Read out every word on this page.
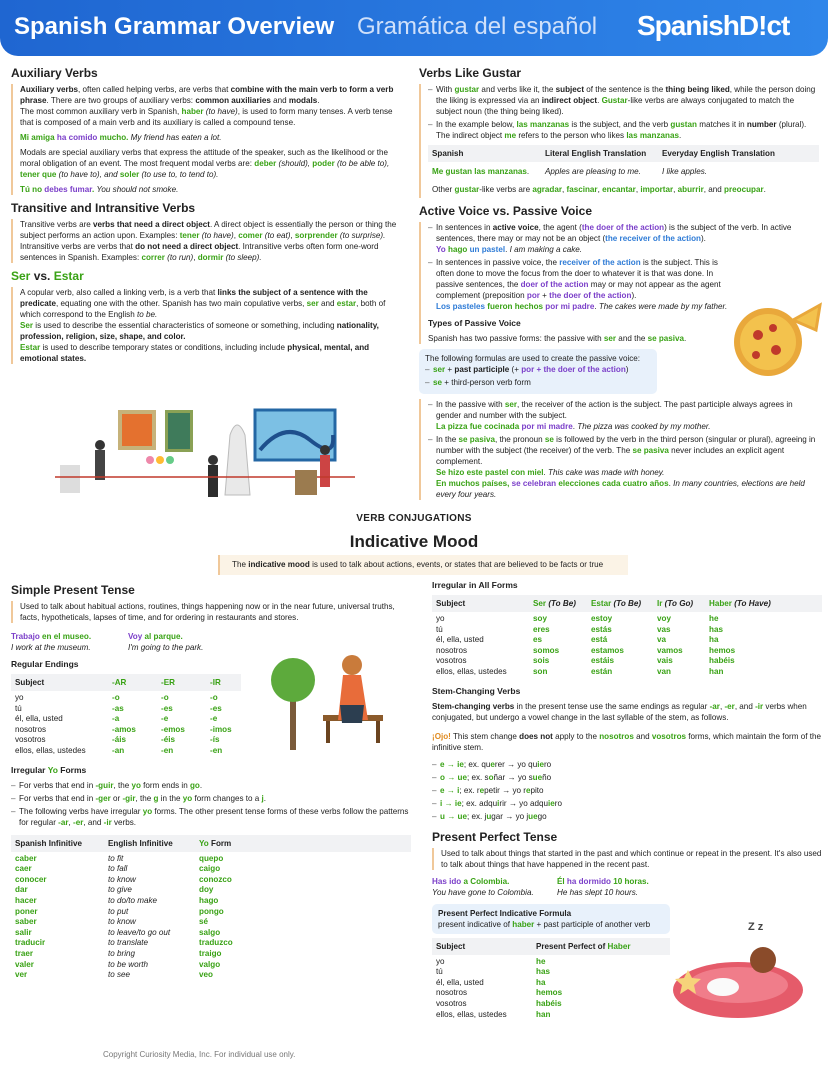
Spanish Grammar Overview Gramática del español SpanishD!ct
Auxiliary Verbs

Auxiliary verbs, often called helping verbs, are verbs that combine with the main verb to form a verb phrase. There are two groups of auxiliary verbs: common auxiliaries and modals.
The most common auxiliary verb in Spanish, haber (to have), is used to form many tenses. A verb tense that is composed of a main verb and its auxiliary is called a compound tense.

Mi amiga ha comido mucho. My friend has eaten a lot.

Modals are special auxiliary verbs that express the attitude of the speaker, such as the likelihood or the moral obligation of an event. The most frequent modal verbs are: deber (should), poder (to be able to), tener que (to have to), and soler (to use to, to tend to).

Tú no debes fumar. You should not smoke.

Transitive and Intransitive Verbs

Transitive verbs are verbs that need a direct object. A direct object is essentially the person or thing the subject performs an action upon. Examples: tener (to have), comer (to eat), sorprender (to surprise).
Intransitive verbs are verbs that do not need a direct object. Intransitive verbs often form one-word sentences in Spanish. Examples: correr (to run), dormir (to sleep).

Ser vs. Estar

A copular verb, also called a linking verb, is a verb that links the subject of a sentence with the predicate, equating one with the other. Spanish has two main copulative verbs, ser and estar, both of which correspond to the English to be.
Ser is used to describe the essential characteristics of someone or something, including nationality, profession, religion, size, shape, and color.
Estar is used to describe temporary states or conditions, including include physical, mental, and emotional states.

Verbs Like Gustar
– With gustar and verbs like it, the subject of the sentence is the thing being liked, while the person doing the liking is expressed via an indirect object. Gustar-like verbs are always conjugated to match the subject noun (the thing being liked).
– In the example below, las manzanas is the subject, and the verb gustan matches it in number (plural). The indirect object me refers to the person who likes las manzanas.
Spanish	Literal English Translation	Everyday English Translation
Me gustan las manzanas.	Apples are pleasing to me.	I like apples.

Other gustar-like verbs are agradar, fascinar, encantar, importar, aburrir, and preocupar.

Active Voice vs. Passive Voice
– In sentences in active voice, the agent (the doer of the action) is the subject of the verb. In active sentences, there may or may not be an object (the receiver of the action).
Yo hago un pastel. I am making a cake.
– In sentences in passive voice, the receiver of the action is the subject. This is often done to move the focus from the doer to whatever it is that was done. In passive sentences, the doer of the action may or may not appear as the agent complement (preposition por + the doer of the action).
Los pasteles fueron hechos por mi padre. The cakes were made by my father.
Types of Passive Voice

Spanish has two passive forms: the passive with ser and the se pasiva.

The following formulas are used to create the passive voice:

– ser + past participle (+ por + the doer of the action)
– se + third-person verb form
– In the passive with ser, the receiver of the action is the subject. The past participle always agrees in gender and number with the subject.
La pizza fue cocinada por mi madre. The pizza was cooked by my mother.
– In the se pasiva, the pronoun se is followed by the verb in the third person (singular or plural), agreeing in number with the subject (the receiver) of the verb. The se pasiva never includes an explicit agent complement.
Se hizo este pastel con miel. This cake was made with honey.
En muchos países, se celebran elecciones cada cuatro años. In many countries, elections are held every four years.
VERB CONJUGATIONS
Indicative Mood
The indicative mood is used to talk about actions, events, or states that are believed to be facts or true
Simple Present Tense

Used to talk about habitual actions, routines, things happening now or in the near future, universal truths, facts, hypotheticals, lapses of time, and for ordering in restaurants and stores.

Trabajo en el museo.
I work at the museum.
Voy al parque.
I'm going to the park.
Regular Endings
Subject	-AR	-ER	-IR
yo	-o	-o	-o
tú	-as	-es	-es
él, ella, usted	-a	-e	-e
nosotros	-amos	-emos	-imos
vosotros	-áis	-éis	-ís
ellos, ellas, ustedes	-an	-en	-en
Irregular Yo Forms
– For verbs that end in -guir, the yo form ends in go.
– For verbs that end in -ger or -gir, the g in the yo form changes to a j.
– The following verbs have irregular yo forms. The other present tense forms of these verbs follow the patterns for regular -ar, -er, and -ir verbs.
Spanish Infinitive	English Infinitive	Yo Form
caber	to fit	quepo
caer	to fall	caigo
conocer	to know	conozco
dar	to give	doy
hacer	to do/to make	hago
poner	to put	pongo
saber	to know	sé
salir	to leave/to go out	salgo
traducir	to translate	traduzco
traer	to bring	traigo
valer	to be worth	valgo
ver	to see	veo
Irregular in All Forms
Subject	Ser (To Be)	Estar (To Be)	Ir (To Go)	Haber (To Have)
yo	soy	estoy	voy	he
tú	eres	estás	vas	has
él, ella, usted	es	está	va	ha
nosotros	somos	estamos	vamos	hemos
vosotros	sois	estáis	vais	habéis
ellos, ellas, ustedes	son	están	van	han
Stem-Changing Verbs

Stem-changing verbs in the present tense use the same endings as regular -ar, -er, and -ir verbs when conjugated, but undergo a vowel change in the last syllable of the stem, as follows.

¡Ojo! This stem change does not apply to the nosotros and vosotros forms, which maintain the form of the infinitive stem.

– e → ie; ex. querer → yo quiero
– o → ue; ex. soñar → yo sueño
– e → i; ex. repetir → yo repito
– i → ie; ex. adquirir → yo adquiero
– u → ue; ex. jugar → yo juego
Present Perfect Tense

Used to talk about things that started in the past and which continue or repeat in the present. It's also used to talk about things that have happened in the recent past.

Has ido a Colombia.
You have gone to Colombia.
Él ha dormido 10 horas.
He has slept 10 hours.
Present Perfect Indicative Formula
present indicative of haber + past participle of another verb
Subject	Present Perfect of Haber
yo	he
tú	has
él, ella, usted	ha
nosotros	hemos
vosotros	habéis
ellos, ellas, ustedes	han
Z z
Copyright Curiosity Media, Inc. For individual use only.
